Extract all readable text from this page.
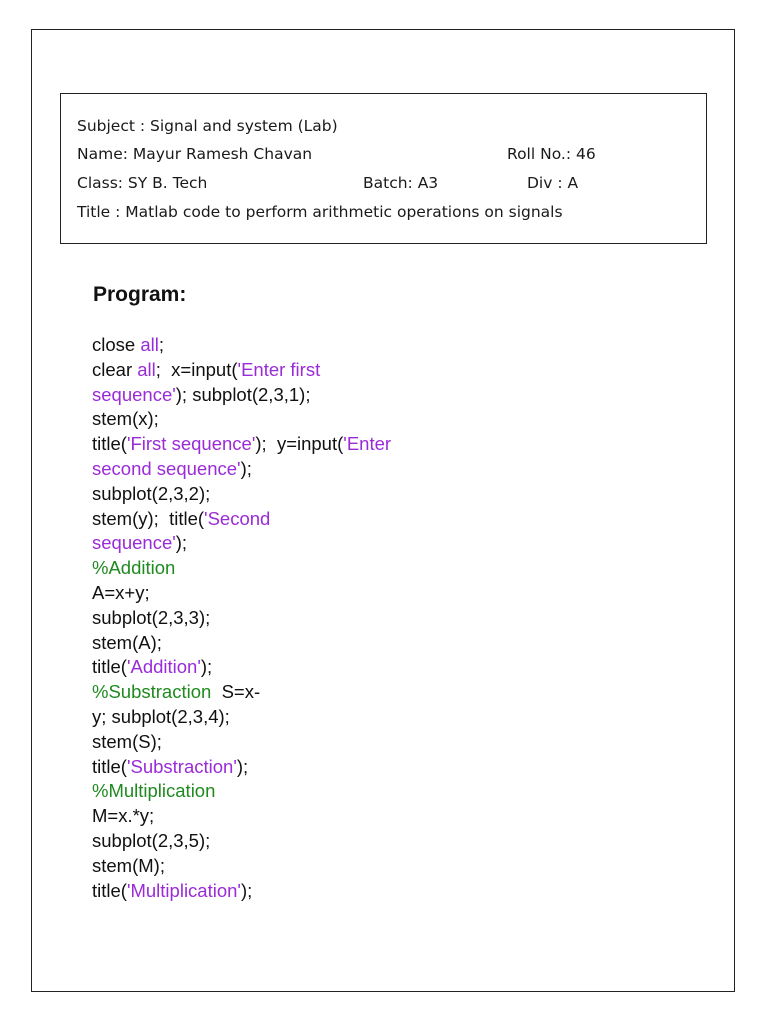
Subject : Signal and system (Lab)
Name: Mayur Ramesh Chavan	Roll No.: 46
Class: SY B. Tech	Batch: A3	Div : A
Title : Matlab code to perform arithmetic operations on signals
Program:
close all;
clear all;  x=input('Enter first
sequence'); subplot(2,3,1);
stem(x);
title('First sequence');  y=input('Enter
second sequence');
subplot(2,3,2);
stem(y);  title('Second
sequence');
%Addition
A=x+y;
subplot(2,3,3);
stem(A);
title('Addition');
%Substraction  S=x-
y; subplot(2,3,4);
stem(S);
title('Substraction');
%Multiplication
M=x.*y;
subplot(2,3,5);
stem(M);
title('Multiplication');
